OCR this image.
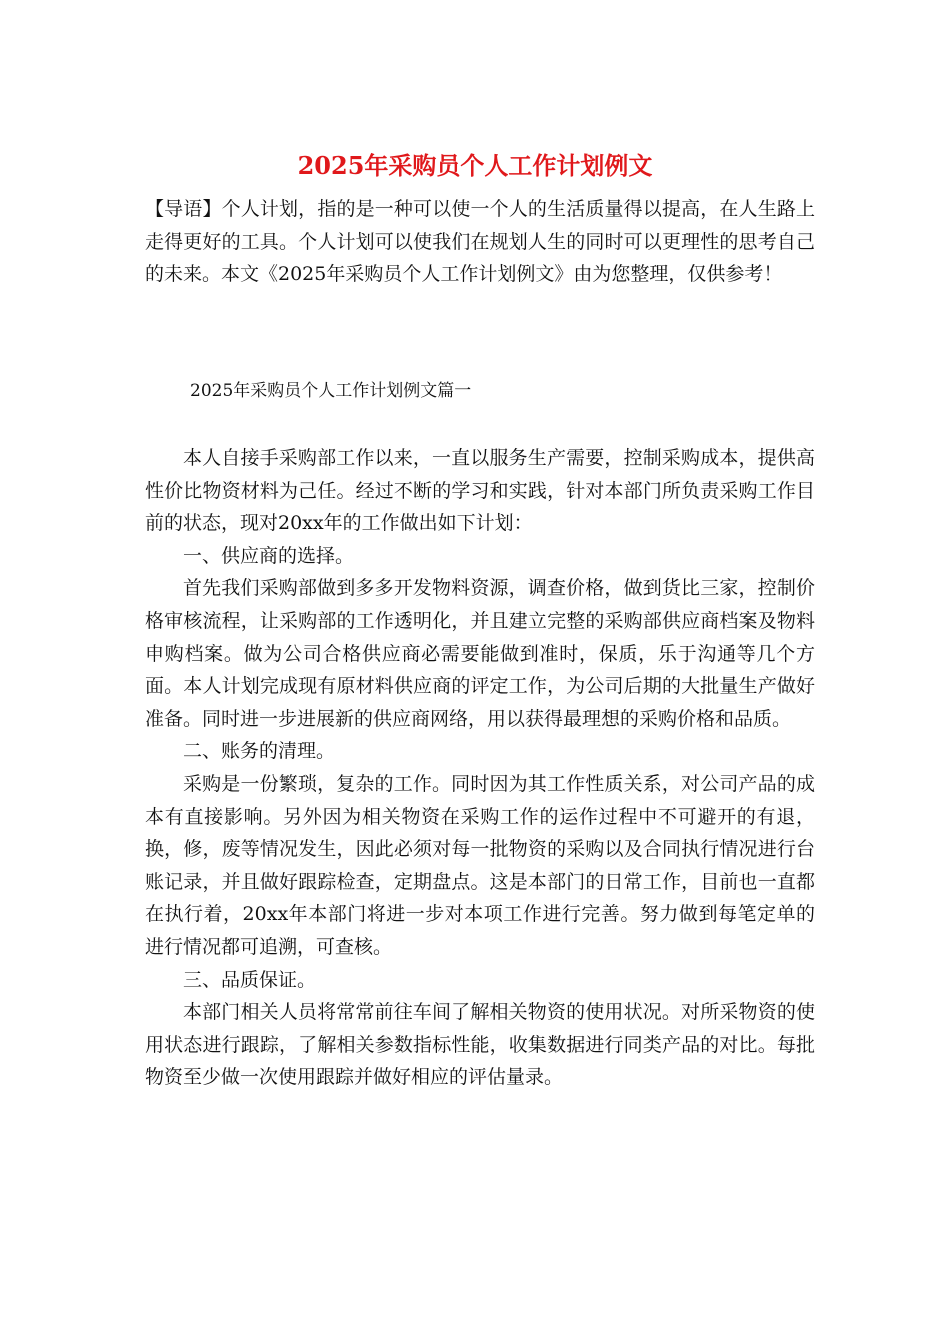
2025年采购员个人工作计划例文
【导语】个人计划，指的是一种可以使一个人的生活质量得以提高，在人生路上走得更好的工具。个人计划可以使我们在规划人生的同时可以更理性的思考自己的未来。本文《2025年采购员个人工作计划例文》由为您整理，仅供参考！
2025年采购员个人工作计划例文篇一

本人自接手采购部工作以来，一直以服务生产需要，控制采购成本，提供高性价比物资材料为己任。经过不断的学习和实践，针对本部门所负责采购工作目前的状态，现对20xx年的工作做出如下计划：

一、供应商的选择。

首先我们采购部做到多多开发物料资源，调查价格，做到货比三家，控制价格审核流程，让采购部的工作透明化，并且建立完整的采购部供应商档案及物料申购档案。做为公司合格供应商必需要能做到准时，保质，乐于沟通等几个方面。本人计划完成现有原材料供应商的评定工作，为公司后期的大批量生产做好准备。同时进一步进展新的供应商网络，用以获得最理想的采购价格和品质。

二、账务的清理。

采购是一份繁琐，复杂的工作。同时因为其工作性质关系，对公司产品的成本有直接影响。另外因为相关物资在采购工作的运作过程中不可避开的有退，换，修，废等情况发生，因此必须对每一批物资的采购以及合同执行情况进行台账记录，并且做好跟踪检查，定期盘点。这是本部门的日常工作，目前也一直都在执行着，20xx年本部门将进一步对本项工作进行完善。努力做到每笔定单的进行情况都可追溯，可查核。

三、品质保证。

本部门相关人员将常常前往车间了解相关物资的使用状况。对所采物资的使用状态进行跟踪，了解相关参数指标性能，收集数据进行同类产品的对比。每批物资至少做一次使用跟踪并做好相应的评估量录。
